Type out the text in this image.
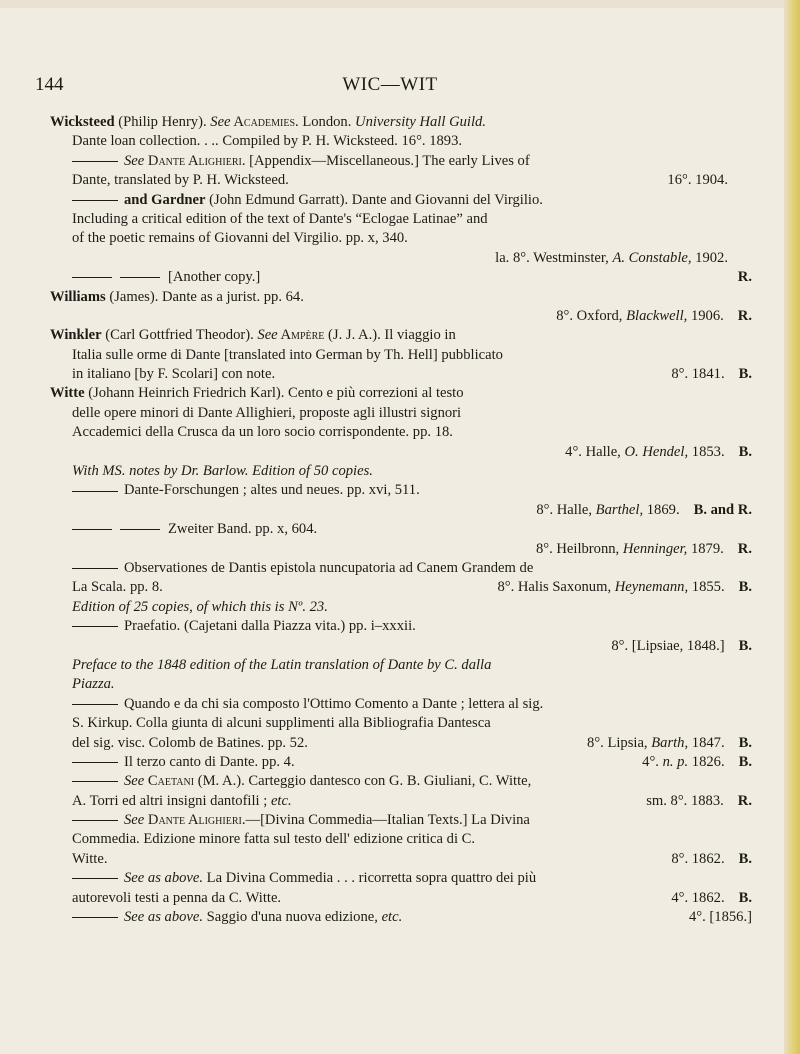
144	WIC—WIT
Wicksteed (Philip Henry). See Academies. London. University Hall Guild.
Dante loan collection. . .. Compiled by P. H. Wicksteed. 16°. 1893.
See Dante Alighieri. [Appendix—Miscellaneous.] The early Lives of
Dante, translated by P. H. Wicksteed.	16°. 1904.
and Gardner (John Edmund Garratt). Dante and Giovanni del Virgilio.
Including a critical edition of the text of Dante's “Eclogae Latinae” and
of the poetic remains of Giovanni del Virgilio. pp. x, 340.
la. 8°. Westminster, A. Constable, 1902.
[Another copy.]	R.
Williams (James). Dante as a jurist. pp. 64.
8°. Oxford, Blackwell, 1906. R.
Winkler (Carl Gottfried Theodor). See Ampère (J. J. A.). Il viaggio in
Italia sulle orme di Dante [translated into German by Th. Hell] pubblicato
in italiano [by F. Scolari] con note.	8°. 1841. B.
Witte (Johann Heinrich Friedrich Karl). Cento e più correzioni al testo
delle opere minori di Dante Allighieri, proposte agli illustri signori
Accademici della Crusca da un loro socio corrispondente. pp. 18.
4°. Halle, O. Hendel, 1853. B.
With MS. notes by Dr. Barlow. Edition of 50 copies.
Dante-Forschungen ; altes und neues. pp. xvi, 511.
8°. Halle, Barthel, 1869. B. and R.
Zweiter Band. pp. x, 604.
8°. Heilbronn, Henninger, 1879. R.
Observationes de Dantis epistola nuncupatoria ad Canem Grandem de
La Scala. pp. 8.	8°. Halis Saxonum, Heynemann, 1855. B.
Edition of 25 copies, of which this is Nº. 23.
Praefatio. (Cajetani dalla Piazza vita.) pp. i–xxxii.
8°. [Lipsiae, 1848.] B.
Preface to the 1848 edition of the Latin translation of Dante by C. dalla
Piazza.
Quando e da chi sia composto l'Ottimo Comento a Dante ; lettera al sig.
S. Kirkup. Colla giunta di alcuni supplimenti alla Bibliografia Dantesca
del sig. visc. Colomb de Batines. pp. 52.	8°. Lipsia, Barth, 1847. B.
Il terzo canto di Dante. pp. 4.	4°. n. p. 1826. B.
See Caetani (M. A.). Carteggio dantesco con G. B. Giuliani, C. Witte,
A. Torri ed altri insigni dantofili ; etc.	sm. 8°. 1883. R.
See Dante Alighieri.—[Divina Commedia—Italian Texts.] La Divina
Commedia. Edizione minore fatta sul testo dell' edizione critica di C.
Witte.	8°. 1862. B.
See as above. La Divina Commedia . . . ricorretta sopra quattro dei più
autorevoli testi a penna da C. Witte.	4°. 1862. B.
See as above. Saggio d'una nuova edizione, etc.	4°. [1856.]
